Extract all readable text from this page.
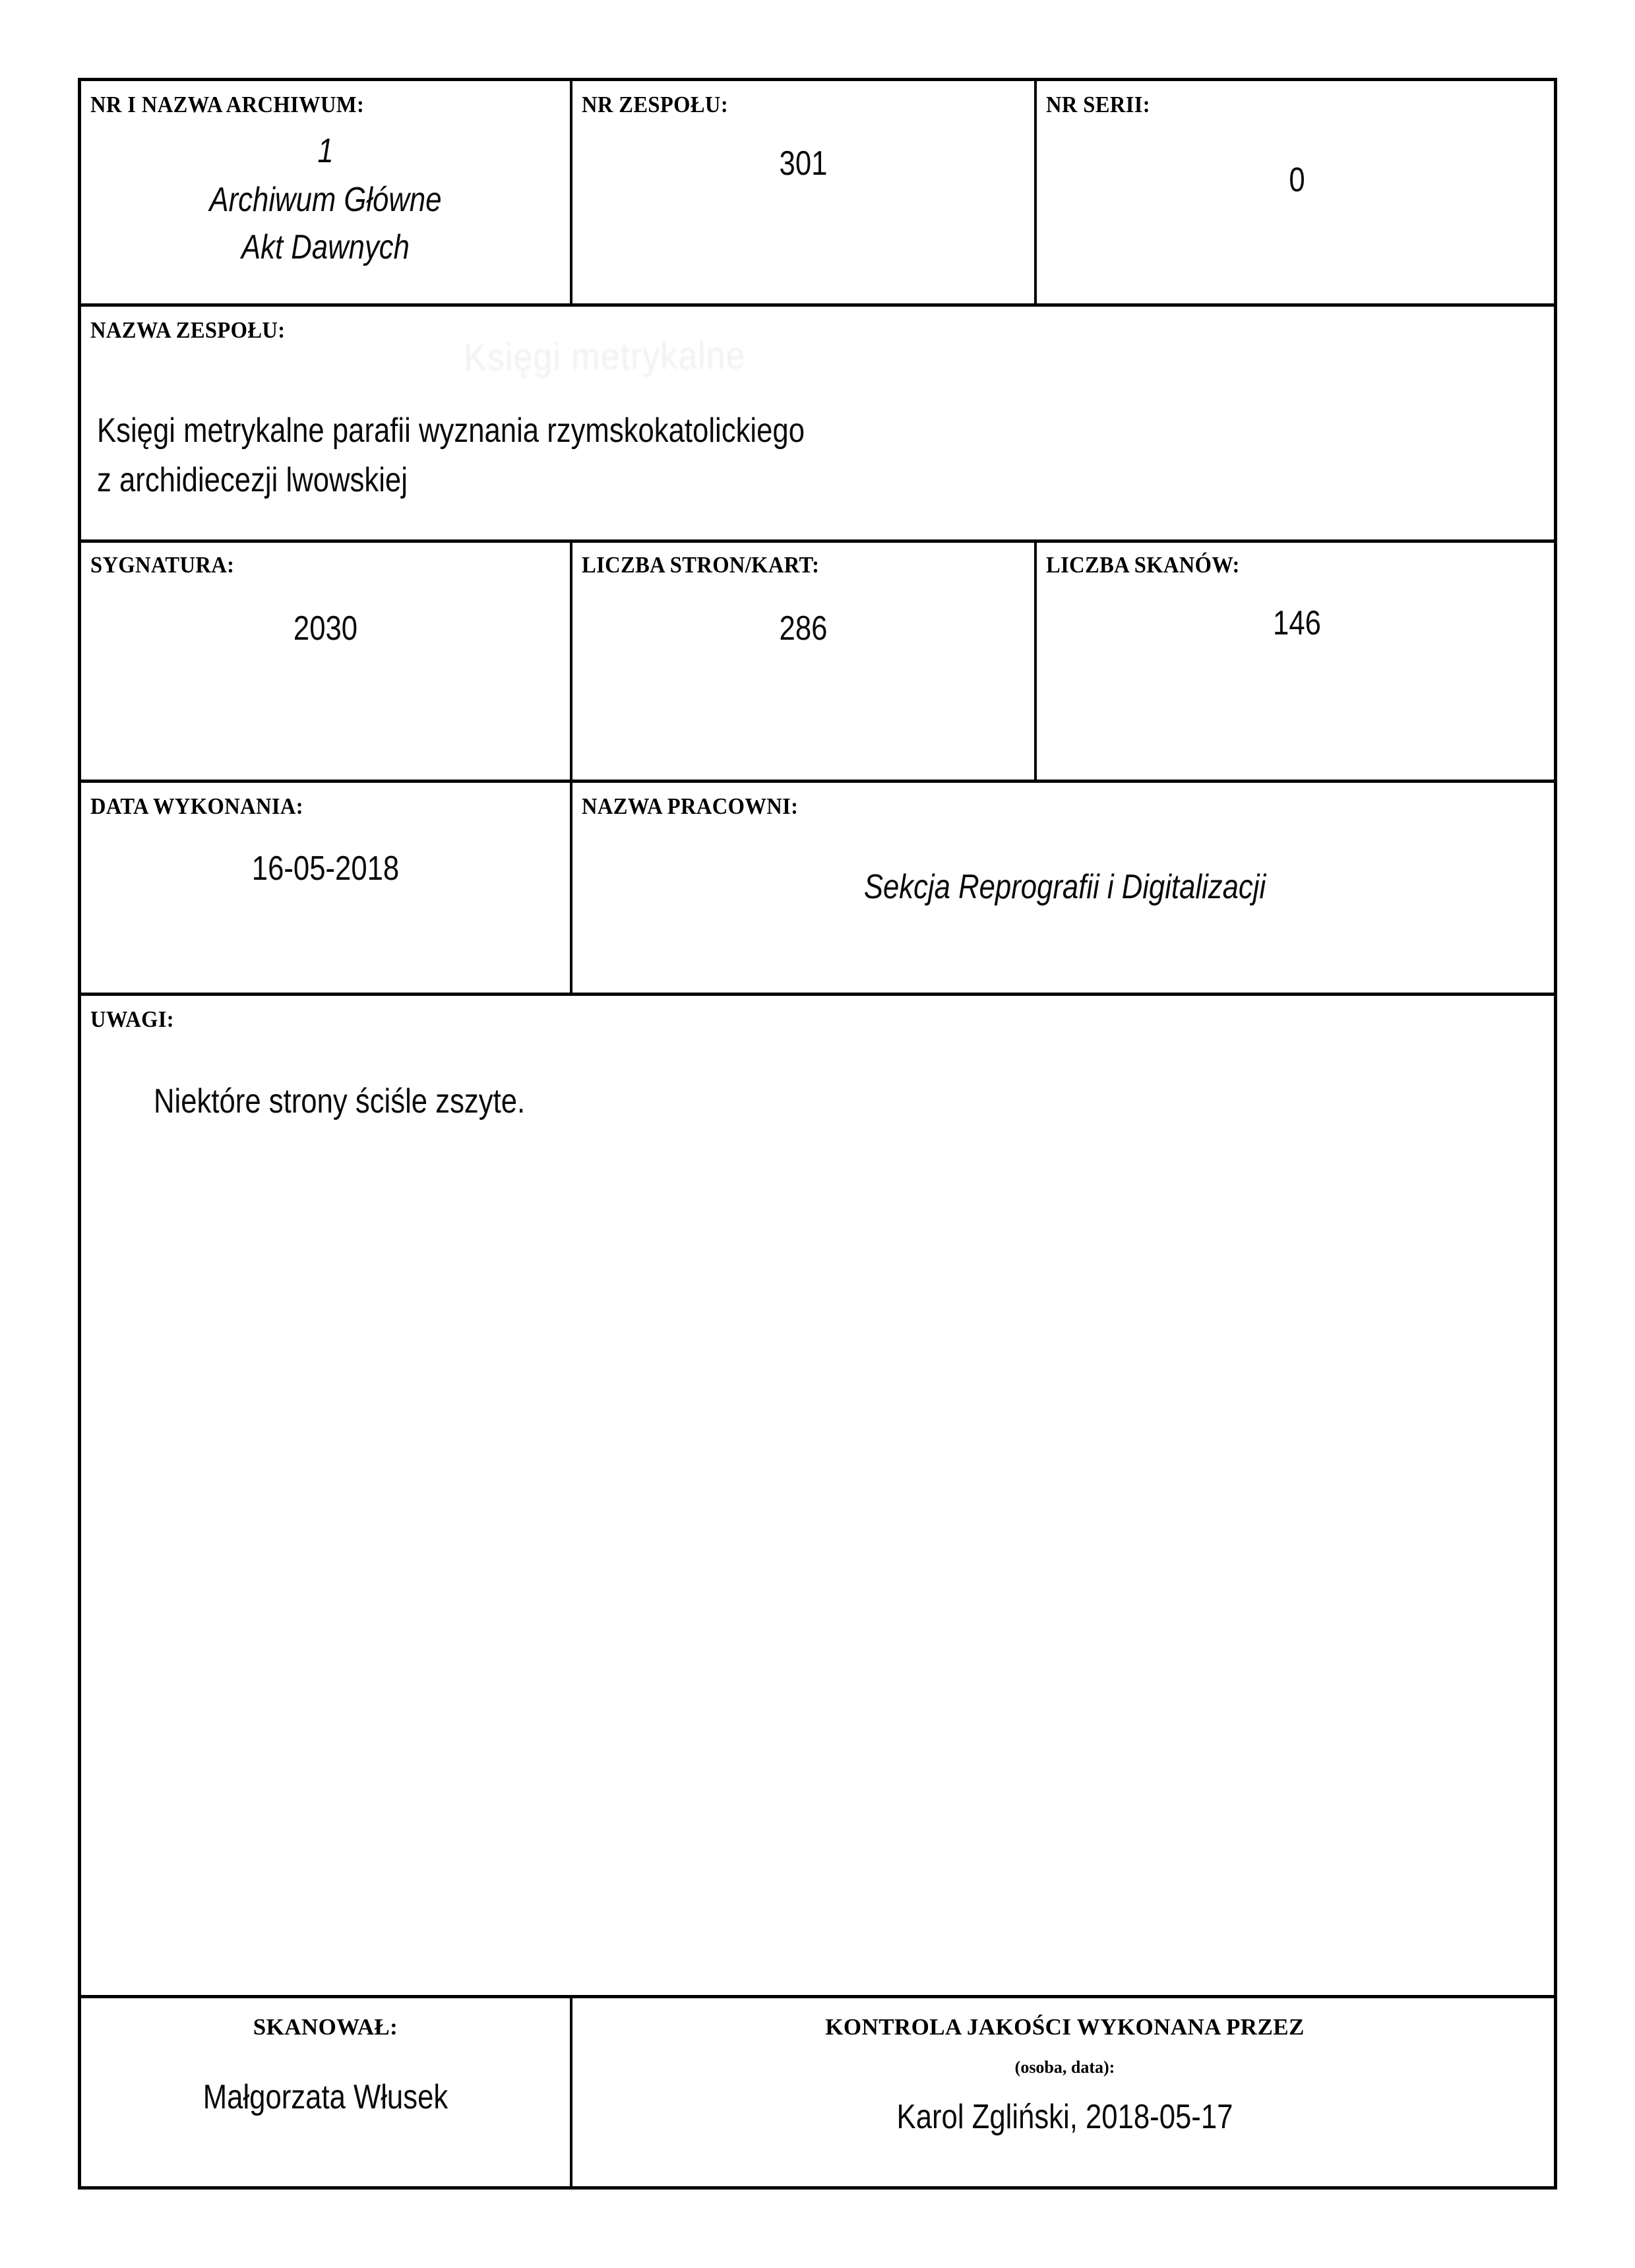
NR I NAZWA ARCHIWUM:
1
Archiwum Główne
Akt Dawnych
NR ZESPOŁU:
301
NR SERII:
0
NAZWA ZESPOŁU:
Księgi metrykalne
Księgi metrykalne parafii wyznania rzymskokatolickiego
z archidiecezji lwowskiej
SYGNATURA:
2030
LICZBA STRON/KART:
286
LICZBA SKANÓW:
146
DATA WYKONANIA:
16-05-2018
NAZWA PRACOWNI:
Sekcja Reprografii i Digitalizacji
UWAGI:
Niektóre strony ściśle zszyte.
SKANOWAŁ:
Małgorzata Włusek
KONTROLA JAKOŚCI WYKONANA PRZEZ
(osoba, data):
Karol Zgliński, 2018-05-17
